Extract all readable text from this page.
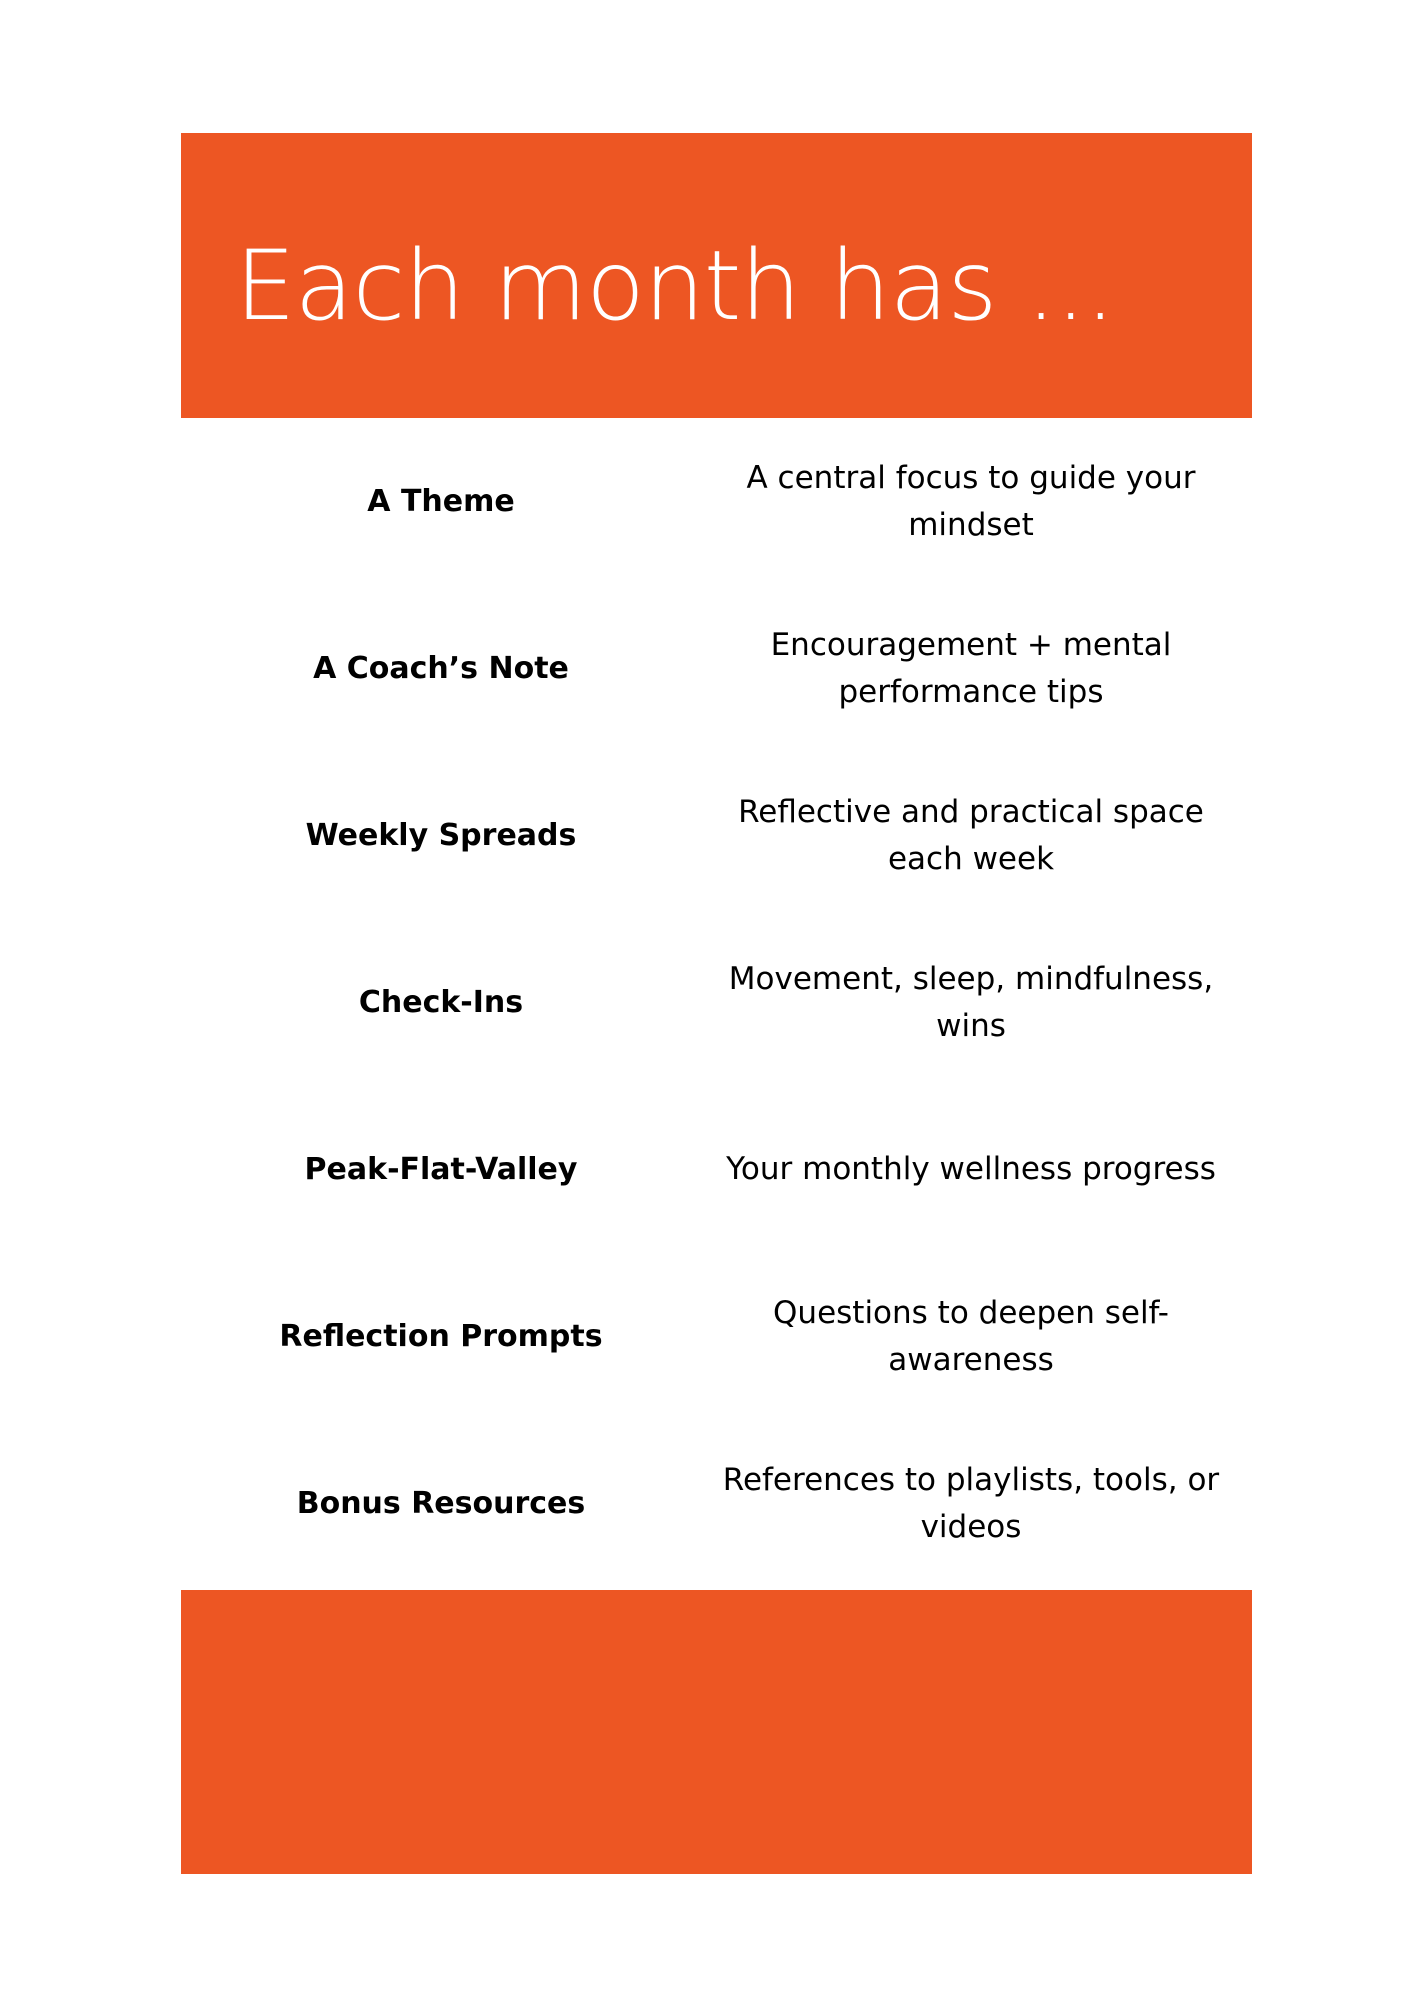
Each month has ...
A Theme
A central focus to guide your mindset
A Coach’s Note
Encouragement + mental performance tips
Weekly Spreads
Reflective and practical space each week
Check-Ins
Movement, sleep, mindfulness, wins
Peak-Flat-Valley	Your monthly wellness progress
Reflection Prompts
Questions to deepen self-awareness
Bonus Resources
References to playlists, tools, or videos
